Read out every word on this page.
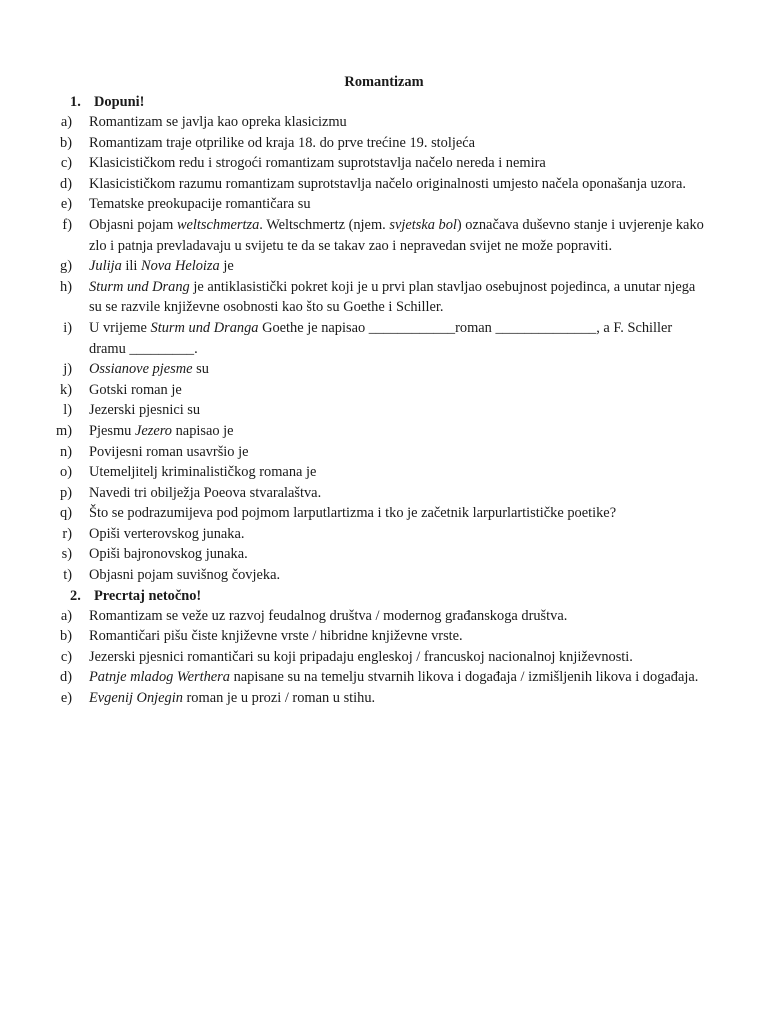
Romantizam
1. Dopuni!
a) Romantizam se javlja kao opreka klasicizmu
b) Romantizam traje otprilike od kraja 18. do prve trećine 19. stoljeća
c) Klasicističkom redu i strogoći romantizam suprotstavlja načelo nereda i nemira
d) Klasicističkom razumu romantizam suprotstavlja načelo originalnosti umjesto načela oponašanja uzora.
e) Tematske preokupacije romantičara su
f) Objasni pojam weltschmertza. Weltschmertz (njem. svjetska bol) označava duševno stanje i uvjerenje kako zlo i patnja prevladavaju u svijetu te da se takav zao i nepravedan svijet ne može popraviti.
g) Julija ili Nova Heloiza je
h) Sturm und Drang je antiklasistički pokret koji je u prvi plan stavljao osebujnost pojedinca, a unutar njega su se razvile književne osobnosti kao što su Goethe i Schiller.
i) U vrijeme Sturm und Dranga Goethe je napisao ____________roman ______________, a F. Schiller dramu _________.
j) Ossianove pjesme su
k) Gotski roman je
l) Jezerski pjesnici su
m) Pjesmu Jezero napisao je
n) Povijesni roman usavršio je
o) Utemeljitelj kriminalističkog romana je
p) Navedi tri obilježja Poeova stvaralaštva.
q) Što se podrazumijeva pod pojmom larputlartizma i tko je začetnik larpurlartističke poetike?
r) Opiši verterovskog junaka.
s) Opiši bajronovskog junaka.
t) Objasni pojam suvišnog čovjeka.
2. Precrtaj netočno!
a) Romantizam se veže uz razvoj feudalnog društva / modernog građanskoga društva.
b) Romantičari pišu čiste književne vrste / hibridne književne vrste.
c) Jezerski pjesnici romantičari su koji pripadaju engleskoj / francuskoj nacionalnoj književnosti.
d) Patnje mladog Werthera napisane su na temelju stvarnih likova i događaja / izmišljenih likova i događaja.
e) Evgenij Onjegin roman je u prozi / roman u stihu.
